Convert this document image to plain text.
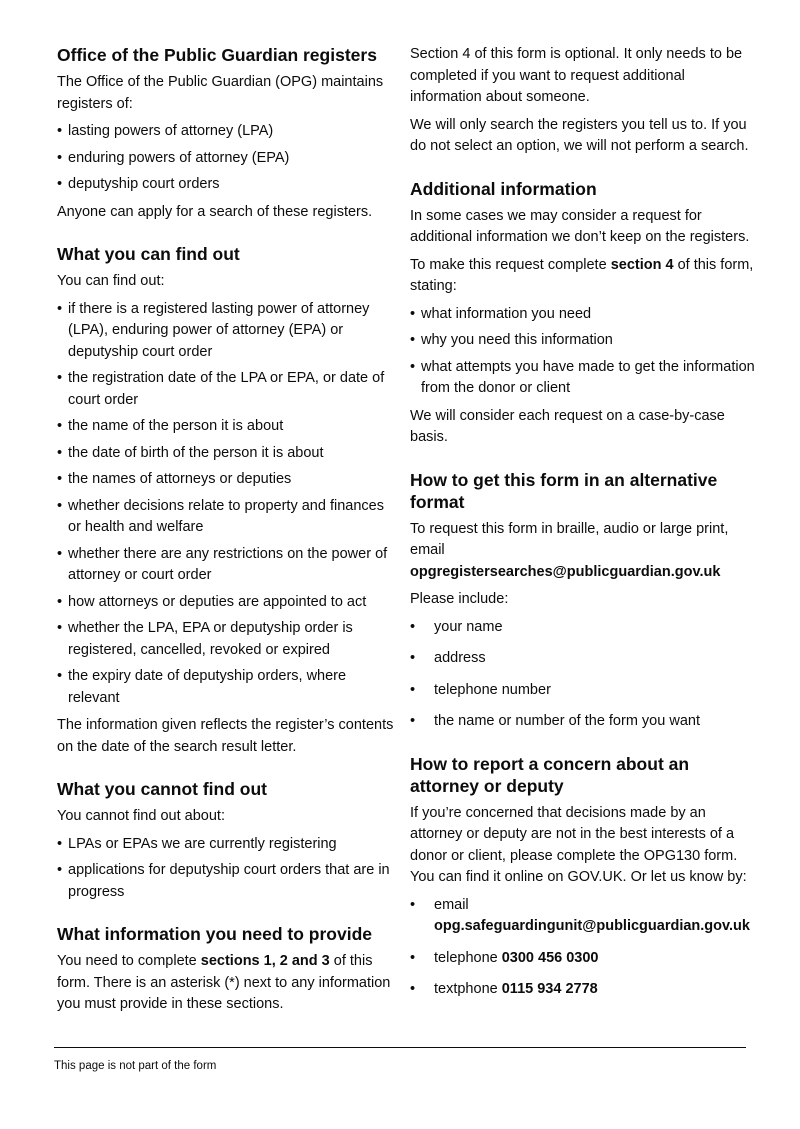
Office of the Public Guardian registers

The Office of the Public Guardian (OPG) maintains registers of:

• lasting powers of attorney (LPA)
• enduring powers of attorney (EPA)
• deputyship court orders

Anyone can apply for a search of these registers.

What you can find out

You can find out:

• if there is a registered lasting power of attorney (LPA), enduring power of attorney (EPA) or deputyship court order
• the registration date of the LPA or EPA, or date of court order
• the name of the person it is about
• the date of birth of the person it is about
• the names of attorneys or deputies
• whether decisions relate to property and finances or health and welfare
• whether there are any restrictions on the power of attorney or court order
• how attorneys or deputies are appointed to act
• whether the LPA, EPA or deputyship order is registered, cancelled, revoked or expired
• the expiry date of deputyship orders, where relevant

The information given reflects the register’s contents on the date of the search result letter.

What you cannot find out

You cannot find out about:

• LPAs or EPAs we are currently registering
• applications for deputyship court orders that are in progress
What information you need to provide

You need to complete sections 1, 2 and 3 of this form. There is an asterisk (*) next to any information you must provide in these sections.

Section 4 of this form is optional. It only needs to be completed if you want to request additional information about someone.

We will only search the registers you tell us to. If you do not select an option, we will not perform a search.

Additional information

In some cases we may consider a request for additional information we don’t keep on the registers.

To make this request complete section 4 of this form, stating:

• what information you need
• why you need this information
• what attempts you have made to get the information from the donor or client

We will consider each request on a case-by-case basis.

How to get this form in an alternative format

To request this form in braille, audio or large print, email opgregistersearches@publicguardian.gov.uk

Please include:

• your name
• address
• telephone number
• the name or number of the form you want
How to report a concern about an attorney or deputy

If you’re concerned that decisions made by an attorney or deputy are not in the best interests of a donor or client, please complete the OPG130 form. You can find it online on GOV.UK. Or let us know by:

• email
opg.safeguardingunit@publicguardian.gov.uk
• telephone 0300 456 0300
• textphone 0115 934 2778
This page is not part of the form
